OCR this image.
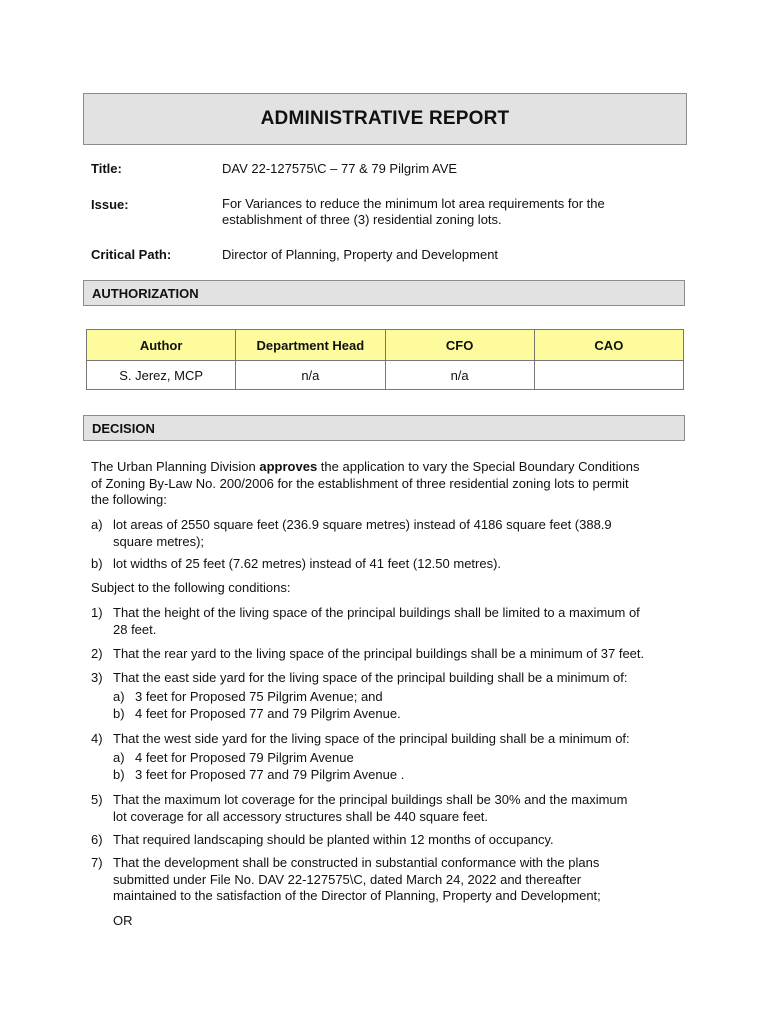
ADMINISTRATIVE REPORT
Title:	DAV 22-127575\C – 77 & 79 Pilgrim AVE
Issue:	For Variances to reduce the minimum lot area requirements for the
establishment of three (3) residential zoning lots.
Critical Path:	Director of Planning, Property and Development
AUTHORIZATION
Author	Department Head	CFO	CAO
S. Jerez, MCP	n/a	n/a	
DECISION
The Urban Planning Division approves the application to vary the Special Boundary Conditions
of Zoning By-Law No. 200/2006 for the establishment of three residential zoning lots to permit
the following:
a) lot areas of 2550 square feet (236.9 square metres) instead of 4186 square feet (388.9
square metres);
b) lot widths of 25 feet (7.62 metres) instead of 41 feet (12.50 metres).
Subject to the following conditions:
1) That the height of the living space of the principal buildings shall be limited to a maximum of
28 feet.
2) That the rear yard to the living space of the principal buildings shall be a minimum of 37 feet.
3) That the east side yard for the living space of the principal building shall be a minimum of:
a) 3 feet for Proposed 75 Pilgrim Avenue; and
b) 4 feet for Proposed 77 and 79 Pilgrim Avenue.
4) That the west side yard for the living space of the principal building shall be a minimum of:
a) 4 feet for Proposed 79 Pilgrim Avenue
b) 3 feet for Proposed 77 and 79 Pilgrim Avenue .
5) That the maximum lot coverage for the principal buildings shall be 30% and the maximum
lot coverage for all accessory structures shall be 440 square feet.
6) That required landscaping should be planted within 12 months of occupancy.
7) That the development shall be constructed in substantial conformance with the plans
submitted under File No. DAV 22-127575\C, dated March 24, 2022 and thereafter
maintained to the satisfaction of the Director of Planning, Property and Development;
OR
